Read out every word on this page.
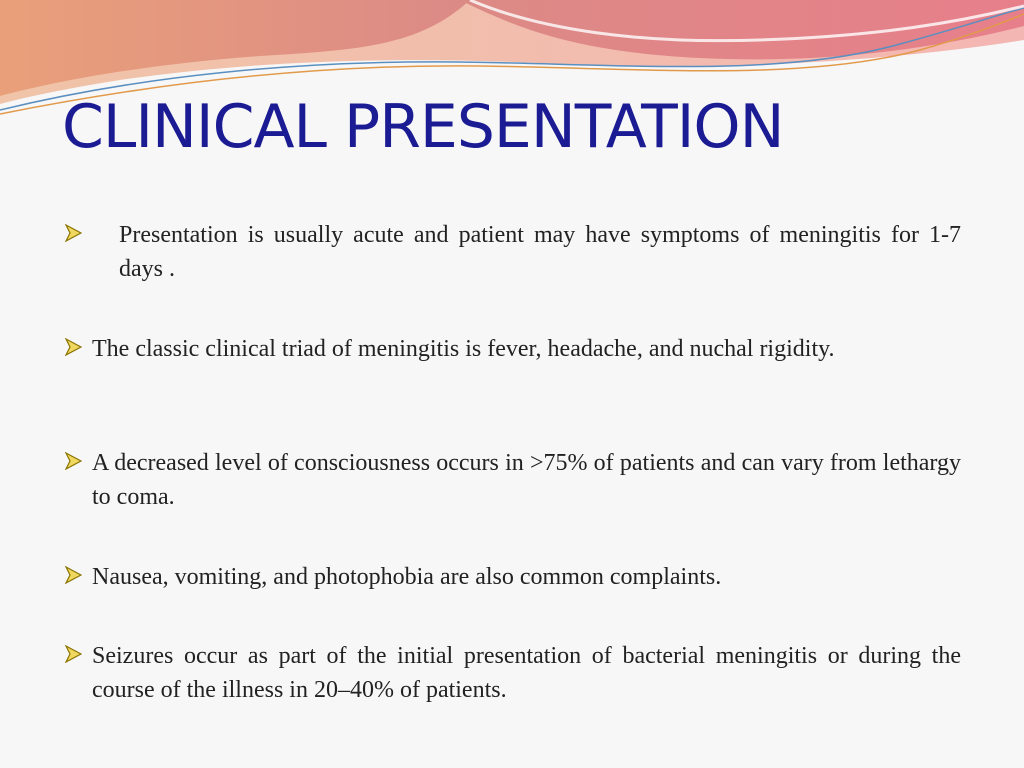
CLINICAL PRESENTATION

Presentation is usually acute and patient may have symptoms of meningitis for 1-7 days .

The classic clinical triad of meningitis is fever, headache, and nuchal rigidity.

A decreased level of consciousness occurs in >75% of patients and can vary from lethargy to coma.

Nausea, vomiting, and photophobia are also common complaints.

Seizures occur as part of the initial presentation of bacterial meningitis or during the course of the illness in 20–40% of patients.
